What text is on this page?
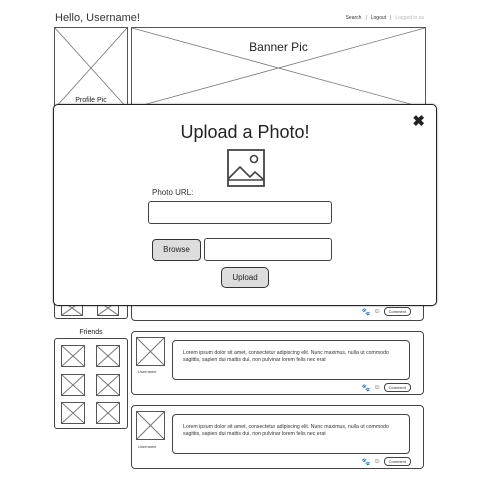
Hello, Username!	Search | Logout | Logged in as
Profile Pic
Banner Pic
🐾 ☺	Comment
Friends
Username
Lorem ipsum dolor sit amet, consectetur adipiscing elit. Nunc maximus, nulla ut commodo sagittis, sapien dui mattis dui, non pulvinar lorem felis nec erat
🐾 ☺	Comment
Username
Lorem ipsum dolor sit amet, consectetur adipiscing elit. Nunc maximus, nulla ut commodo sagittis, sapien dui mattis dui, non pulvinar lorem felis nec erat
🐾 ☺	Comment
Upload a Photo!
✖
Photo URL:
Browse
Upload
